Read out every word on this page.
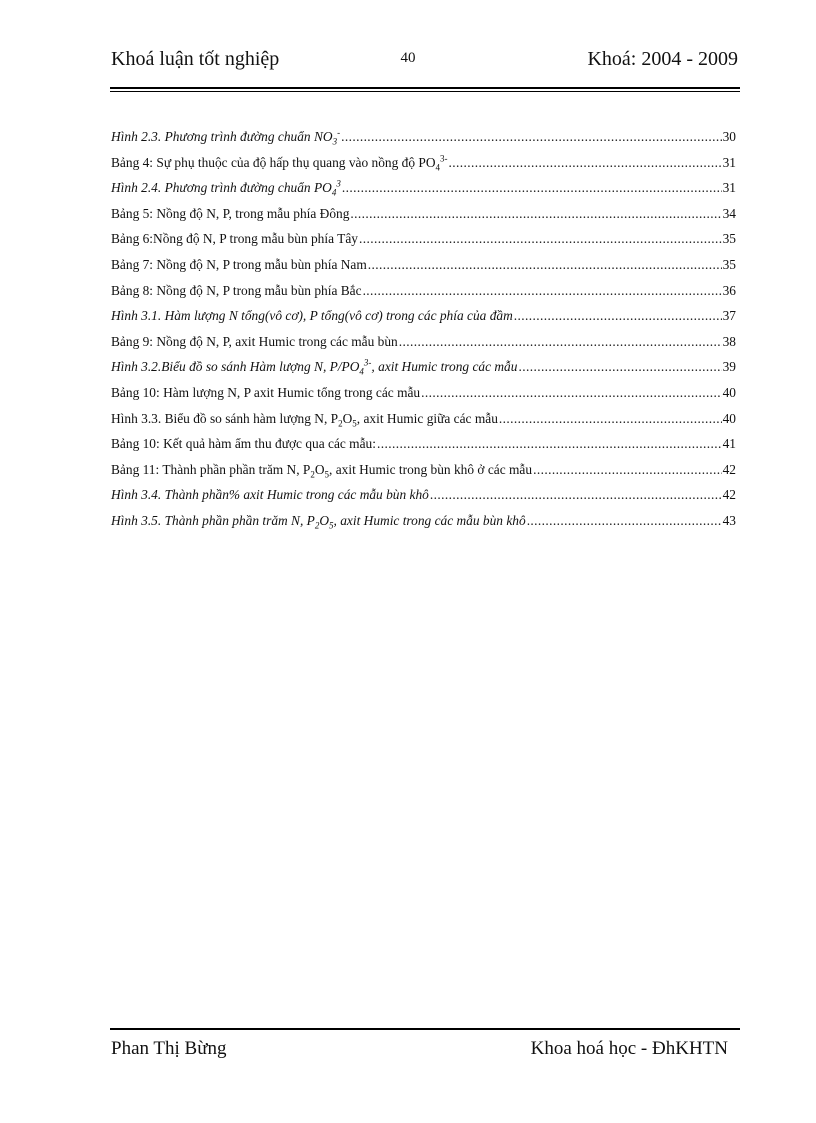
Khoá luận tốt nghiệp	40	Khoá: 2004 - 2009
Hình 2.3. Phương trình đường chuẩn $NO_3^-$ .....	30
Bảng 4: Sự phụ thuộc của độ hấp thụ quang vào nồng độ $PO_4^{3-}$ .....	31
Hình 2.4. Phương trình đường chuẩn $PO_4^3$ .....	31
Bảng 5: Nồng độ N, P, trong mẫu phía Đông .....	34
Bảng 6:Nồng độ N, P trong mẫu bùn phía Tây .....	35
Bảng 7: Nồng độ N, P trong mẫu bùn phía Nam .....	35
Bảng 8: Nồng độ N, P trong mẫu bùn phía Bắc .....	36
Hình 3.1. Hàm lượng N tổng(vô cơ), P tổng(vô cơ) trong các phía của đầm .....	37
Bảng 9: Nồng độ N, P, axit Humic trong các mẫu bùn .....	38
Hình 3.2.Biểu đồ so sánh Hàm lượng N, $P/PO_4^{3-}$, axit Humic trong các mẫu .....	39
Bảng 10: Hàm lượng N, P axit Humic tổng trong các mẫu .....	40
Hình 3.3. Biểu đồ so sánh hàm lượng N, $P_2O_5$, axit Humic giữa các mẫu .....	40
Bảng 10: Kết quả hàm ẩm thu được qua các mẫu: .....	41
Bảng 11: Thành phần phần trăm N, $P_2O_5$, axit Humic trong bùn khô ở các mẫu .....	42
Hình 3.4. Thành phần% axit Humic trong các mẫu bùn khô .....	42
Hình 3.5. Thành phần phần trăm N, $P_2O_5$, axit Humic trong các mẫu bùn khô .....	43
Phan Thị Bừng	Khoa hoá học - ĐhKHTN
